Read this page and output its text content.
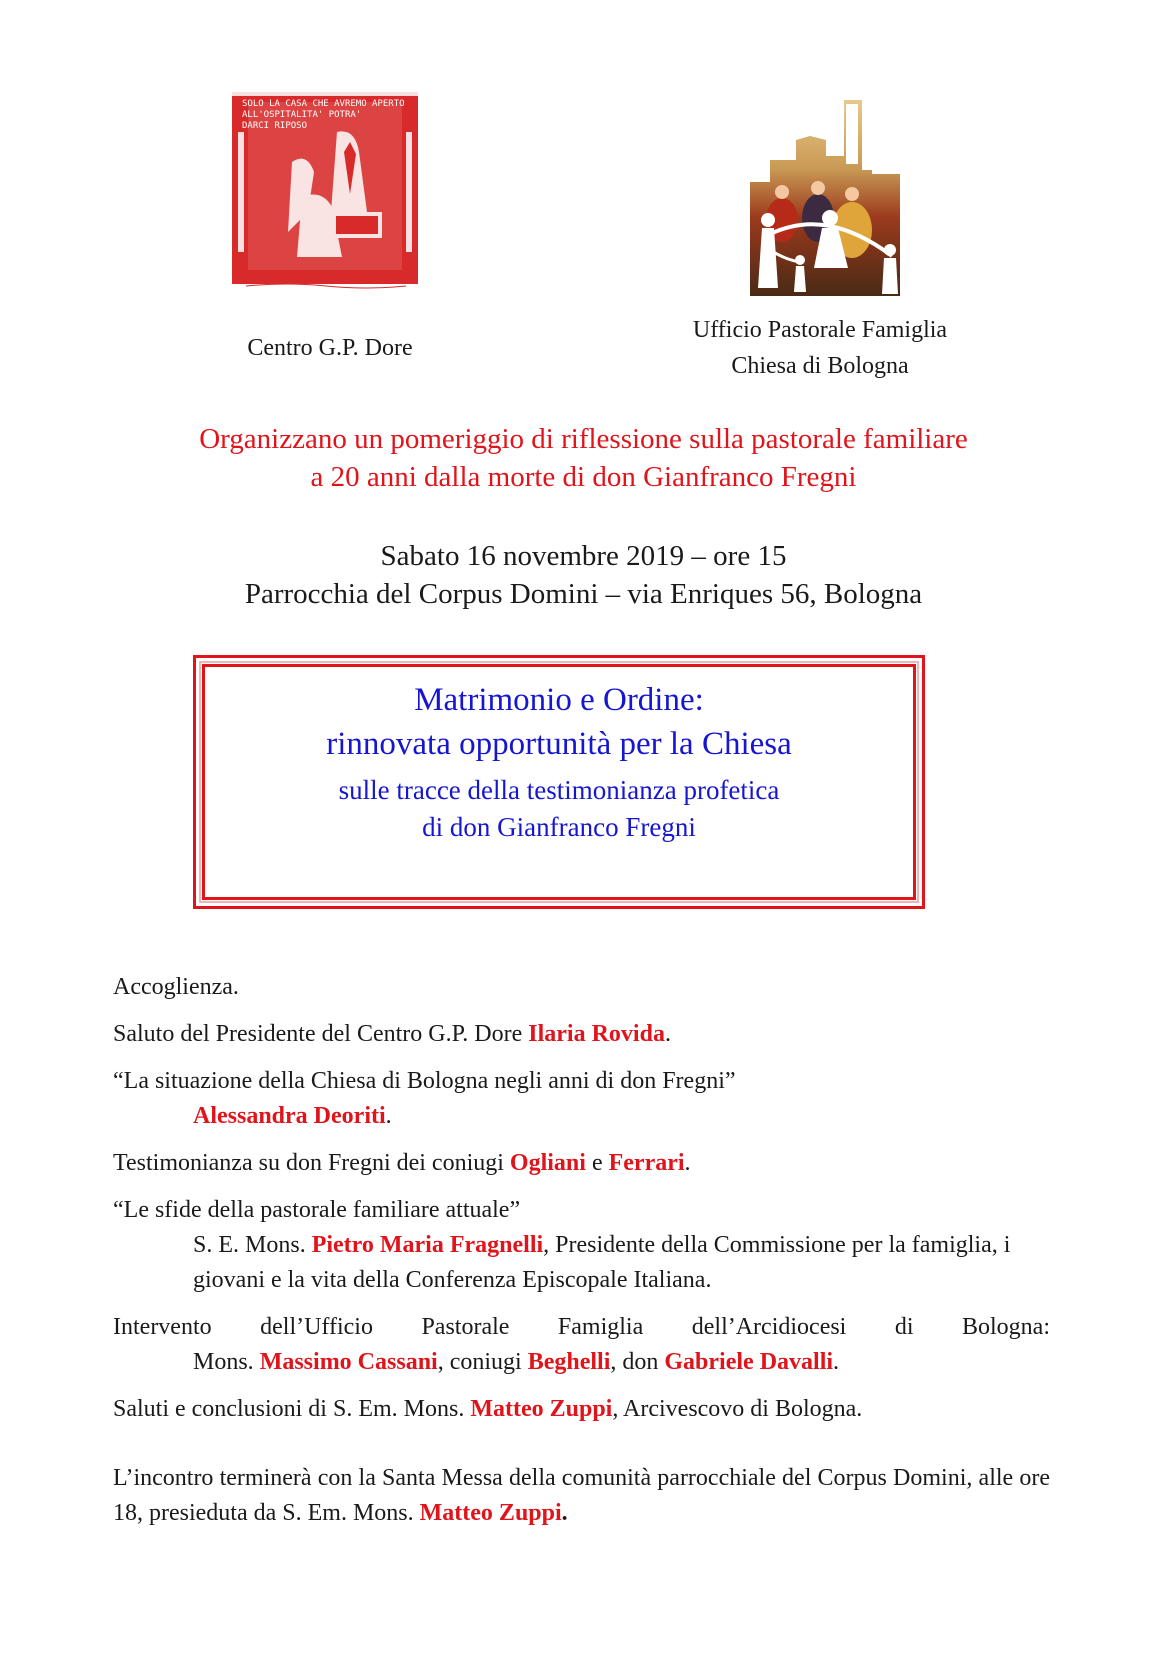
SOLO LA CASA CHE AVREMO APERTO
ALL'OSPITALITA' POTRA'
DARCI RIPOSO
Centro G.P. Dore
Ufficio Pastorale Famiglia
Chiesa di Bologna
Organizzano un pomeriggio di riflessione sulla pastorale familiare
a 20 anni dalla morte di don Gianfranco Fregni
Sabato 16 novembre 2019 – ore 15
Parrocchia del Corpus Domini – via Enriques 56, Bologna
Matrimonio e Ordine:
rinnovata opportunità per la Chiesa
sulle tracce della testimonianza profetica
di don Gianfranco Fregni
Accoglienza.
Saluto del Presidente del Centro G.P. Dore Ilaria Rovida.
“La situazione della Chiesa di Bologna negli anni di don Fregni”
Alessandra Deoriti.
Testimonianza su don Fregni dei coniugi Ogliani e Ferrari.
“Le sfide della pastorale familiare attuale”
S. E. Mons. Pietro Maria Fragnelli, Presidente della Commissione per la famiglia, i giovani e la vita della Conferenza Episcopale Italiana.
Intervento dell’Ufficio Pastorale Famiglia dell’Arcidiocesi di Bologna:
Mons. Massimo Cassani, coniugi Beghelli, don Gabriele Davalli.
Saluti e conclusioni di S. Em. Mons. Matteo Zuppi, Arcivescovo di Bologna.
L’incontro terminerà con la Santa Messa della comunità parrocchiale del Corpus Domini, alle ore 18, presieduta da S. Em. Mons. Matteo Zuppi.
